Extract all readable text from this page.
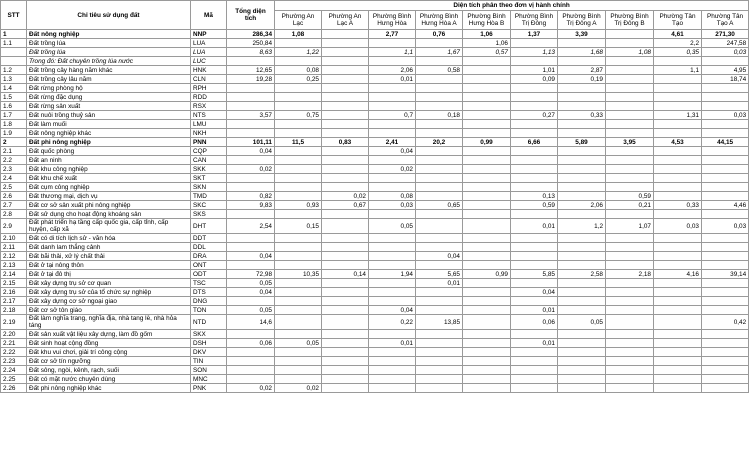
STT	Chỉ tiêu sử dụng đất	Mã	Tổng diện tích	Diện tích phân theo đơn vị hành chính									
				Phường An Lạc	Phường An Lạc A	Phường Bình Hưng Hòa	Phường Bình Hưng Hòa A	Phường Bình Hưng Hòa B	Phường Bình Trị Đông	Phường Bình Trị Đông A	Phường Bình Trị Đông B	Phường Tân Tạo	Phường Tân Tạo A
1	Đất nông nghiệp	NNP	286,34	1,08		2,77	0,76	1,06	1,37	3,39		4,61	271,30
1.1	Đất trồng lúa	LUA	250,84					1,06				2,2	247,58
	Đất trồng lúa	LUA	8,63	1,22		1,1	1,67	0,57	1,13	1,68	1,08	0,35	0,03
	Trong đó: Đất chuyên trồng lúa nước	LUC											
1.2	Đất trồng cây hàng năm khác	HNK	12,65	0,08		2,06	0,58		1,01	2,87		1,1	4,95
1.3	Đất trồng cây lâu năm	CLN	19,28	0,25		0,01			0,09	0,19			18,74
1.4	Đất rừng phòng hộ	RPH											
1.5	Đất rừng đặc dụng	RDD											
1.6	Đất rừng sản xuất	RSX											
1.7	Đất nuôi trồng thuỷ sản	NTS	3,57	0,75		0,7	0,18		0,27	0,33		1,31	0,03
1.8	Đất làm muối	LMU											
1.9	Đất nông nghiệp khác	NKH											
2	Đất phi nông nghiệp	PNN	101,11	11,5	0,83	2,41	20,2	0,99	6,66	5,89	3,95	4,53	44,15
2.1	Đất quốc phòng	CQP	0,04			0,04							
2.2	Đất an ninh	CAN											
2.3	Đất khu công nghiệp	SKK	0,02			0,02							
2.4	Đất khu chế xuất	SKT											
2.5	Đất cụm công nghiệp	SKN											
2.6	Đất thương mại, dịch vụ	TMD	0,82		0,02	0,08			0,13		0,59		
2.7	Đất cơ sở sản xuất phi nông nghiệp	SKC	9,83	0,93	0,67	0,03	0,65		0,59	2,06	0,21	0,33	4,46
2.8	Đất sử dụng cho hoạt động khoáng sản	SKS											
2.9	Đất phát triển hạ tầng cấp quốc gia, cấp tỉnh, cấp huyện, cấp xã	DHT	2,54	0,15		0,05			0,01	1,2	1,07	0,03	0,03
2.10	Đất có di tích lịch sử - văn hóa	DDT											
2.11	Đất danh lam thắng cảnh	DDL											
2.12	Đất bãi thải, xử lý chất thải	DRA	0,04				0,04						
2.13	Đất ở tại nông thôn	ONT											
2.14	Đất ở tại đô thị	ODT	72,98	10,35	0,14	1,94	5,65	0,99	5,85	2,58	2,18	4,16	39,14
2.15	Đất xây dựng trụ sở cơ quan	TSC	0,05				0,01						
2.16	Đất xây dựng trụ sở của tổ chức sự nghiệp	DTS	0,04						0,04				
2.17	Đất xây dựng cơ sở ngoại giao	DNG											
2.18	Đất cơ sở tôn giáo	TON	0,05			0,04			0,01				
2.19	Đất làm nghĩa trang, nghĩa địa, nhà tang lễ, nhà hỏa táng	NTD	14,6			0,22	13,85		0,06	0,05			0,42
2.20	Đất sản xuất vật liệu xây dựng, làm đồ gốm	SKX											
2.21	Đất sinh hoạt cộng đồng	DSH	0,06	0,05		0,01			0,01				
2.22	Đất khu vui chơi, giải trí công cộng	DKV											
2.23	Đất cơ sở tín ngưỡng	TIN											
2.24	Đất sông, ngòi, kênh, rạch, suối	SON											
2.25	Đất có mặt nước chuyên dùng	MNC											
2.26	Đất phi nông nghiệp khác	PNK	0,02	0,02									
